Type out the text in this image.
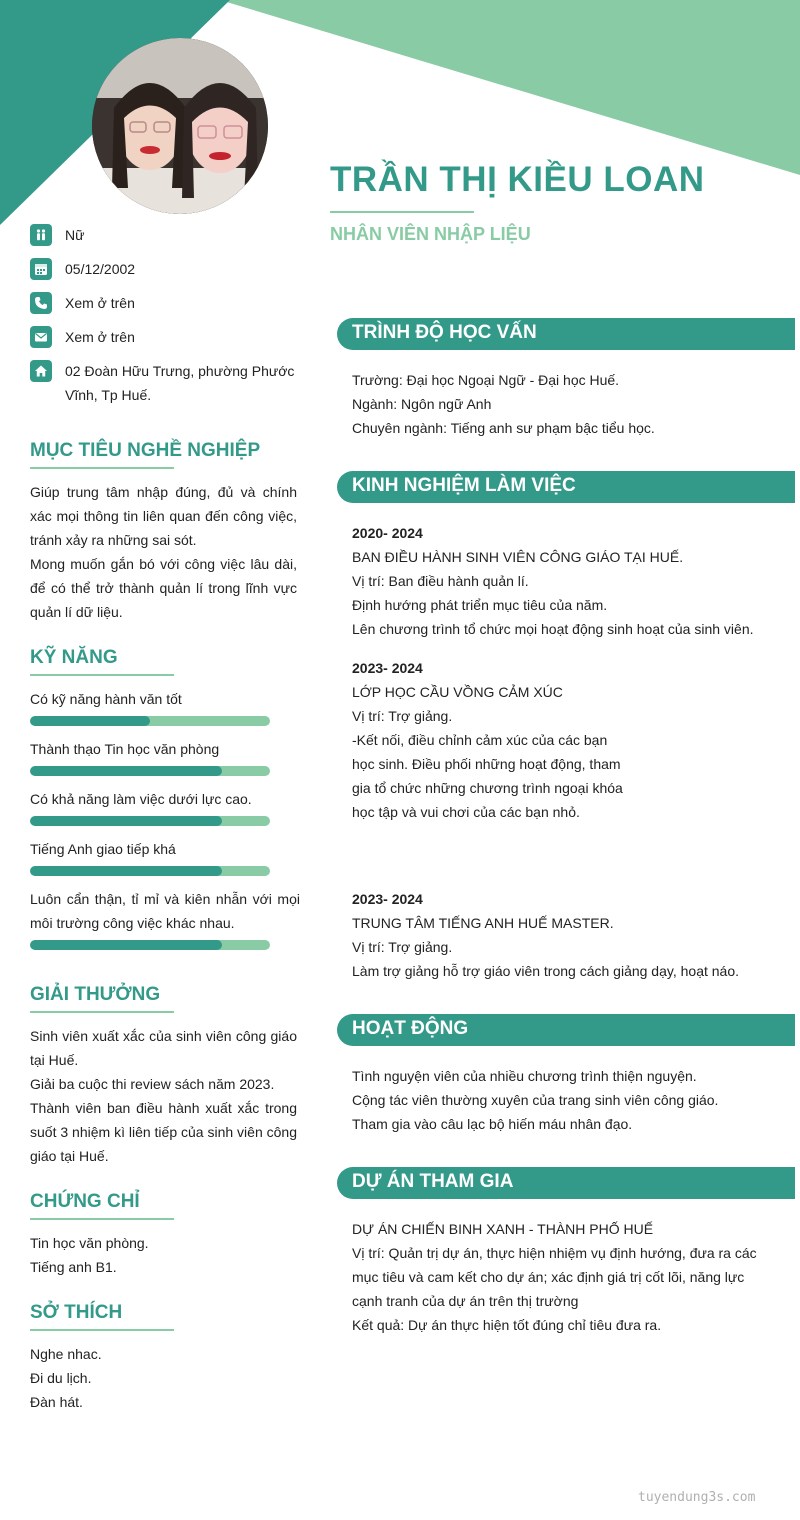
TRẦN THỊ KIỀU LOAN
NHÂN VIÊN NHẬP LIỆU
Nữ
05/12/2002
Xem ở trên
Xem ở trên
02 Đoàn Hữu Trưng, phường Phước Vĩnh, Tp Huế.
MỤC TIÊU NGHỀ NGHIỆP

Giúp trung tâm nhập đúng, đủ và chính xác mọi thông tin liên quan đến công việc, tránh xảy ra những sai sót.

Mong muốn gắn bó với công việc lâu dài, để có thể trở thành quản lí trong lĩnh vực quản lí dữ liệu.

KỸ NĂNG
Có kỹ năng hành văn tốt
Thành thạo Tin học văn phòng
Có khả năng làm việc dưới lực cao.
Tiếng Anh giao tiếp khá
Luôn cẩn thận, tỉ mỉ và kiên nhẫn với mọi môi trường công việc khác nhau.
GIẢI THƯỞNG

Sinh viên xuất xắc của sinh viên công giáo tại Huế.

Giải ba cuộc thi review sách năm 2023.

Thành viên ban điều hành xuất xắc trong suốt 3 nhiệm kì liên tiếp của sinh viên công giáo tại Huế.

CHỨNG CHỈ

Tin học văn phòng.

Tiếng anh B1.

SỞ THÍCH

Nghe nhac.

Đi du lịch.

Đàn hát.

TRÌNH ĐỘ HỌC VẤN

Trường: Đại học Ngoại Ngữ - Đại học Huế.

Ngành: Ngôn ngữ Anh

Chuyên ngành: Tiếng anh sư phạm bậc tiểu học.

KINH NGHIỆM LÀM VIỆC

2020- 2024

BAN ĐIỀU HÀNH SINH VIÊN CÔNG GIÁO TẠI HUẾ.

Vị trí: Ban điều hành quản lí.

Định hướng phát triển mục tiêu của năm.

Lên chương trình tổ chức mọi hoạt động sinh hoạt của sinh viên.

2023- 2024

LỚP HỌC CẦU VỒNG CẢM XÚC

Vị trí: Trợ giảng.

-Kết nối, điều chỉnh cảm xúc của các bạn

học sinh. Điều phối những hoạt động, tham

gia tổ chức những chương trình ngoại khóa

học tập và vui chơi của các bạn nhỏ.

2023- 2024

TRUNG TÂM TIẾNG ANH HUẾ MASTER.

Vị trí: Trợ giảng.

Làm trợ giảng hỗ trợ giáo viên trong cách giảng dạy, hoạt náo.

HOẠT ĐỘNG

Tình nguyện viên của nhiều chương trình thiện nguyện.

Cộng tác viên thường xuyên của trang sinh viên công giáo.

Tham gia vào câu lạc bộ hiến máu nhân đạo.

DỰ ÁN THAM GIA

DỰ ÁN CHIẾN BINH XANH - THÀNH PHỐ HUẾ

Vị trí: Quản trị dự án, thực hiện nhiệm vụ định hướng, đưa ra các mục tiêu và cam kết cho dự án; xác định giá trị cốt lõi, năng lực cạnh tranh của dự án trên thị trường

Kết quả: Dự án thực hiện tốt đúng chỉ tiêu đưa ra.

tuyendung3s.com
